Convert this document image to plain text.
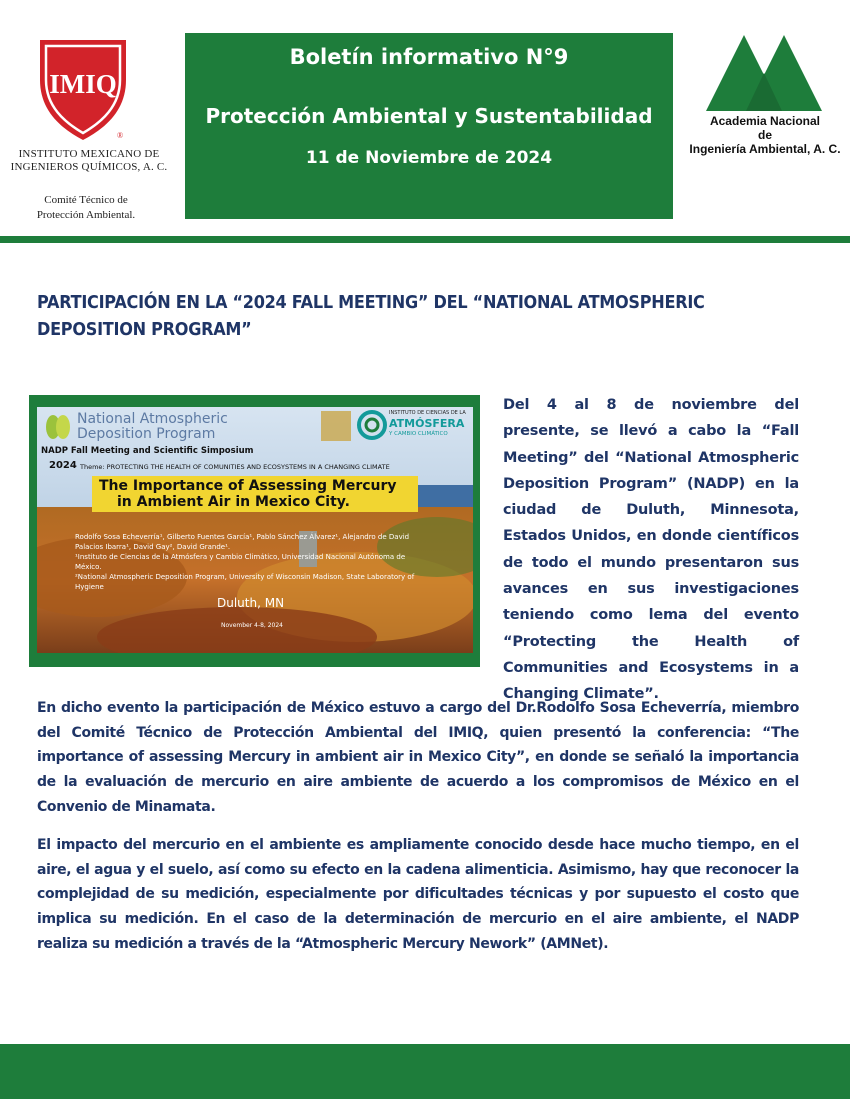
IMIQ
®
INSTITUTO MEXICANO DE
INGENIEROS QUÍMICOS, A. C.
Comité Técnico de
Protección Ambiental.
Boletín informativo N°9
Protección Ambiental y Sustentabilidad
11 de Noviembre de 2024
Academia Nacional
de
Ingeniería Ambiental, A. C.
PARTICIPACIÓN EN LA “2024 FALL MEETING” DEL “NATIONAL ATMOSPHERIC DEPOSITION PROGRAM”
National Atmospheric
Deposition Program
INSTITUTO DE CIENCIAS DE LA
ATMÓSFERA
Y CAMBIO CLIMÁTICO
NADP Fall Meeting and Scientific Simposium
2024 Theme: PROTECTING THE HEALTH OF COMUNITIES AND ECOSYSTEMS IN A CHANGING CLIMATE
The Importance of Assessing Mercury
in Ambient Air in Mexico City.
Rodolfo Sosa Echeverría¹, Gilberto Fuentes García¹, Pablo Sánchez Álvarez¹, Alejandro de David
Palacios Ibarra¹, David Gay², David Grande¹.
¹Instituto de Ciencias de la Atmósfera y Cambio Climático, Universidad Nacional Autónoma de
México.
²National Atmospheric Deposition Program, University of Wisconsin Madison, State Laboratory of
Hygiene
Duluth, MN
November 4-8, 2024
Del 4 al 8 de noviembre del presente, se llevó a cabo la “Fall Meeting” del “National Atmospheric Deposition Program” (NADP) en la ciudad de Duluth, Minnesota, Estados Unidos, en donde científicos de todo el mundo presentaron sus avances en sus investigaciones teniendo como lema del evento “Protecting the Health of Communities and Ecosystems in a Changing Climate”.
En dicho evento la participación de México estuvo a cargo del Dr.Rodolfo Sosa Echeverría, miembro del Comité Técnico de Protección Ambiental del IMIQ, quien presentó la conferencia: “The importance of assessing Mercury in ambient air in Mexico City”, en donde se señaló la importancia de la evaluación de mercurio en aire ambiente de acuerdo a los compromisos de México en el Convenio de Minamata.
El impacto del mercurio en el ambiente es ampliamente conocido desde hace mucho tiempo, en el aire, el agua y el suelo, así como su efecto en la cadena alimenticia. Asimismo, hay que reconocer la complejidad de su medición, especialmente por dificultades técnicas y por supuesto el costo que implica su medición. En el caso de la determinación de mercurio en el aire ambiente, el NADP realiza su medición a través de la “Atmospheric Mercury Nework” (AMNet).
